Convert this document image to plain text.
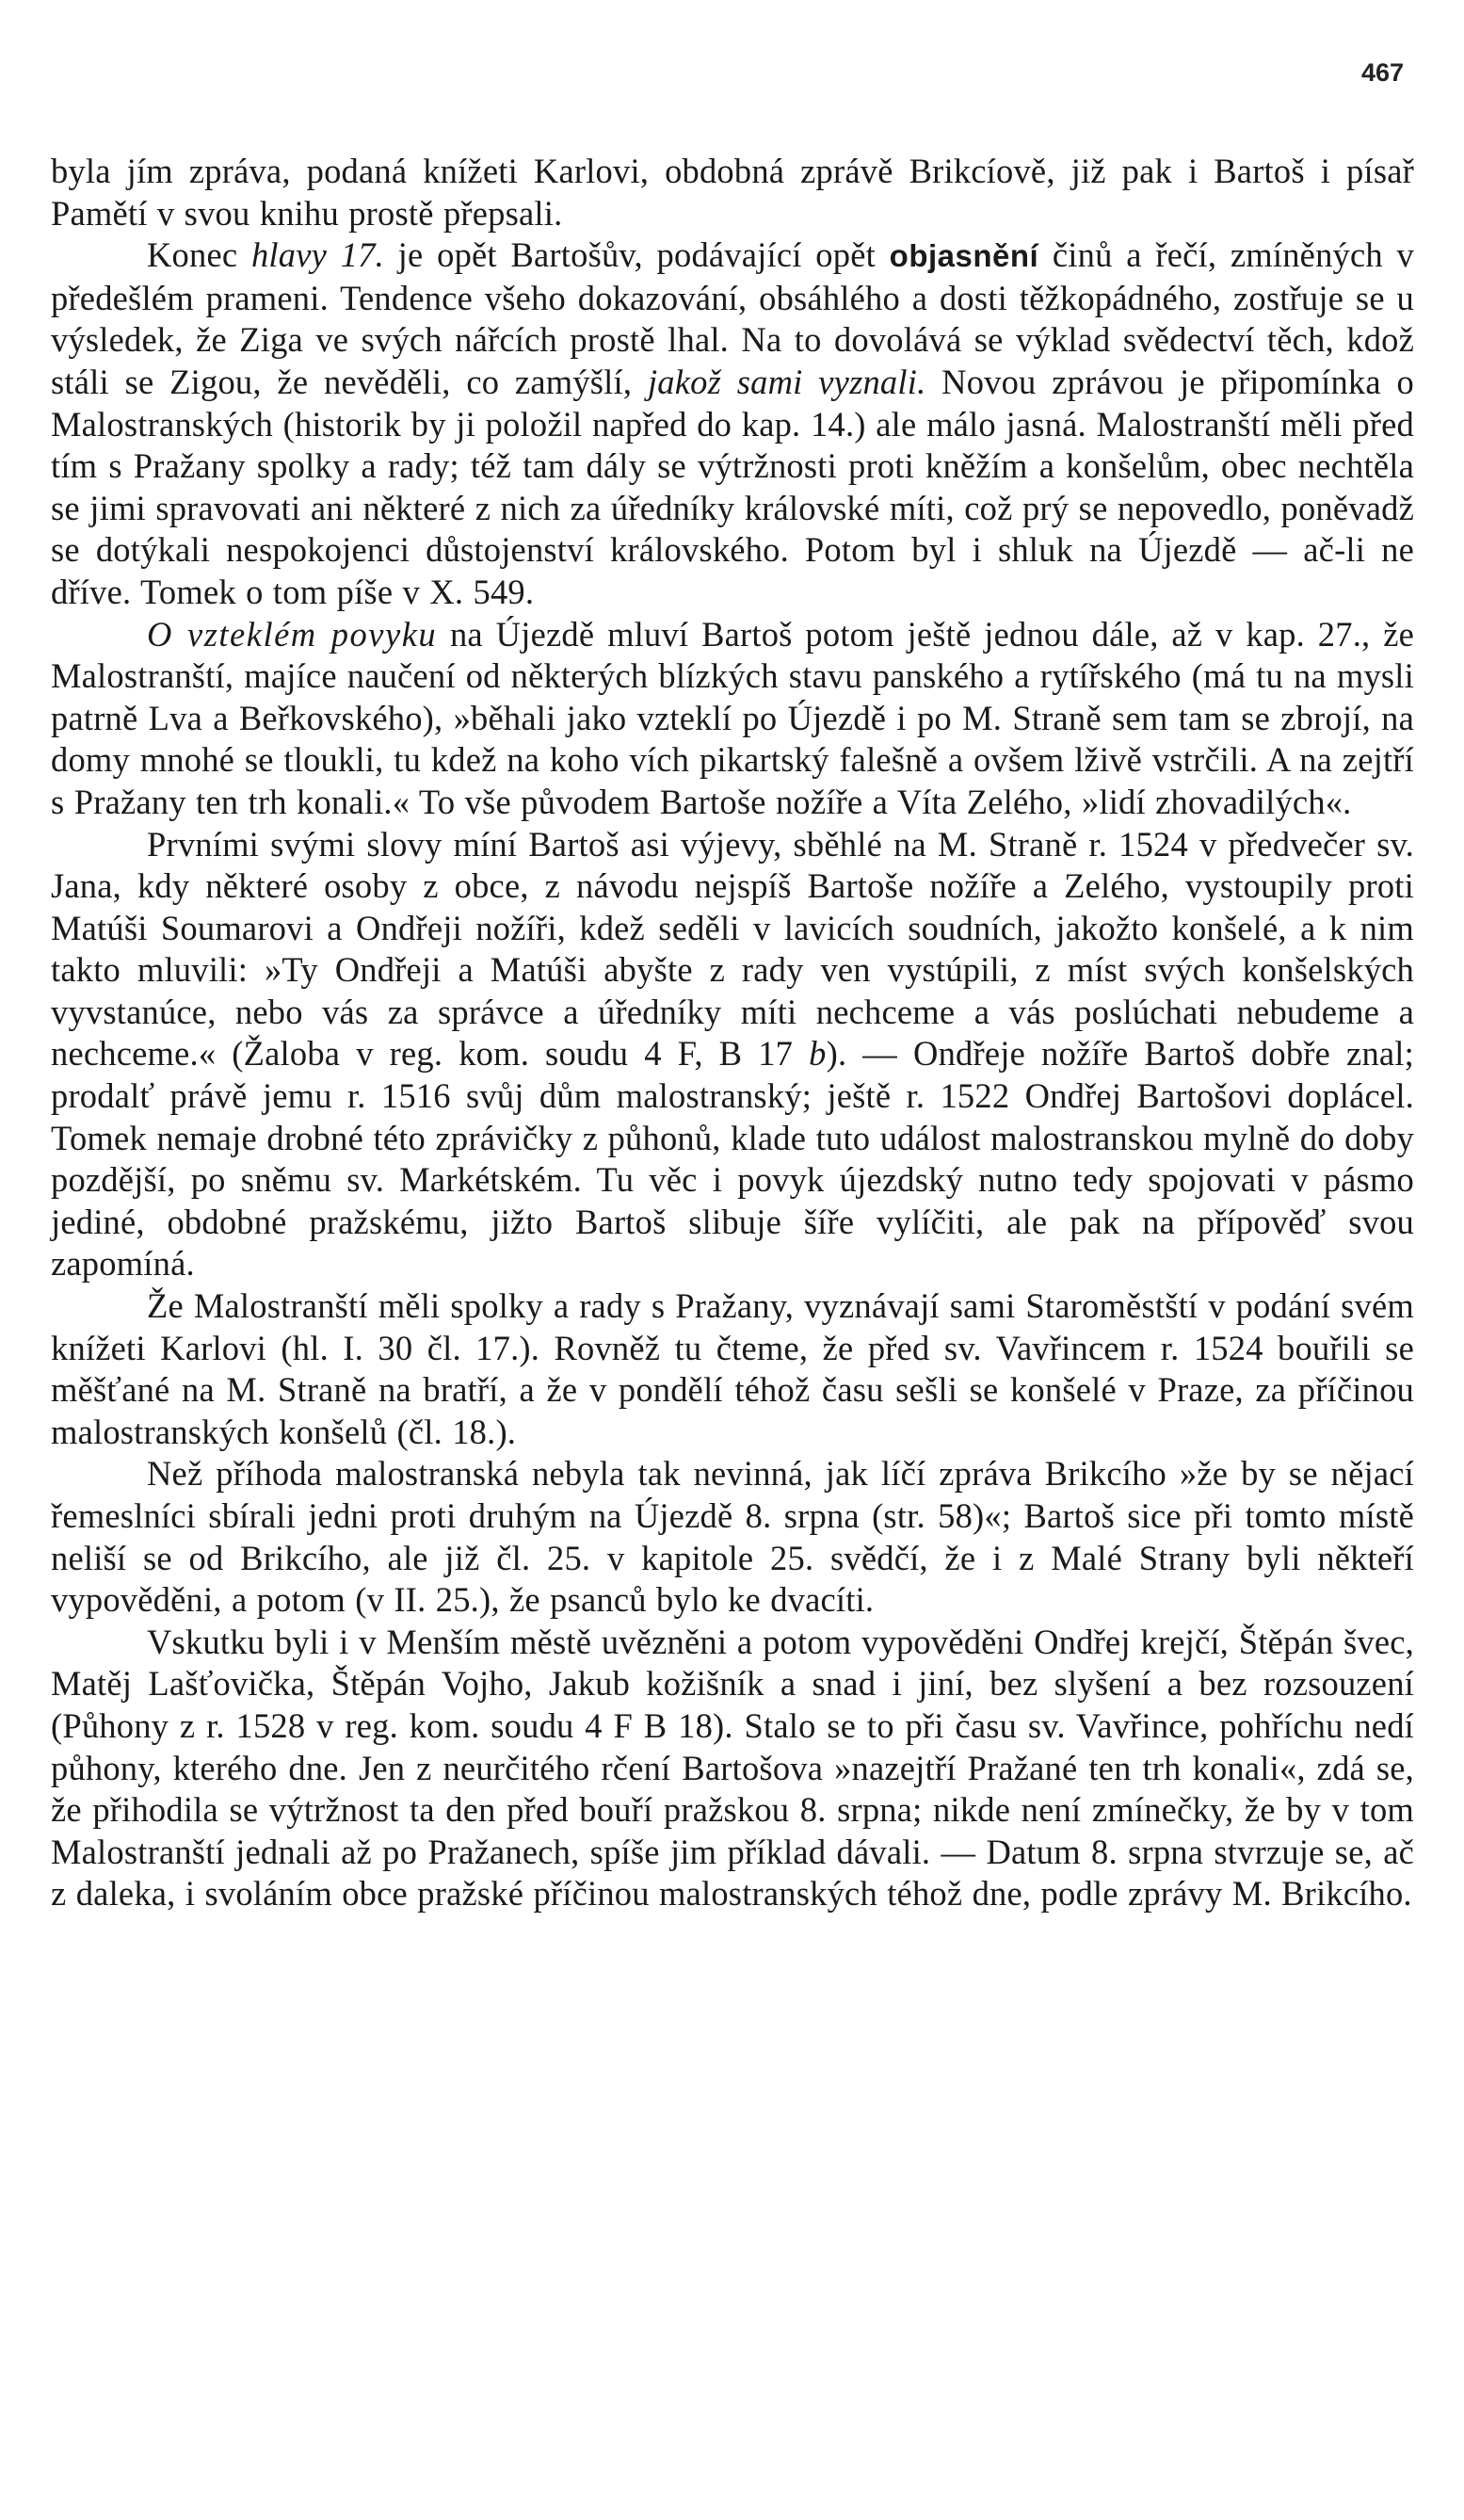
467

byla jím zpráva, podaná knížeti Karlovi, obdobná zprávě Brikcíově, již pak i Bartoš i písař Pamětí v svou knihu prostě přepsali.

Konec hlavy 17. je opět Bartošův, podávající opět objasnění činů a řečí, zmíněných v předešlém prameni. Tendence všeho dokazování, obsáhlého a dosti těžkopádného, zostřuje se u výsledek, že Ziga ve svých nářcích prostě lhal. Na to dovolává se výklad svědectví těch, kdož stáli se Zigou, že nevěděli, co zamýšlí, jakož sami vyznali. Novou zprávou je připomínka o Malostranských (historik by ji položil napřed do kap. 14.) ale málo jasná. Malostranští měli před tím s Pražany spolky a rady; též tam dály se výtržnosti proti kněžím a konšelům, obec nechtěla se jimi spravovati ani některé z nich za úředníky královské míti, což prý se nepovedlo, poněvadž se dotýkali nespokojenci důstojenství královského. Potom byl i shluk na Újezdě — ač-li ne dříve. Tomek o tom píše v X. 549.

O vzteklém povyku na Újezdě mluví Bartoš potom ještě jednou dále, až v kap. 27., že Malostranští, majíce naučení od některých blízkých stavu panského a rytířského (má tu na mysli patrně Lva a Beřkovského), »běhali jako vzteklí po Újezdě i po M. Straně sem tam se zbrojí, na domy mnohé se tloukli, tu kdež na koho vích pikartský falešně a ovšem lživě vstrčili. A na zejtří s Pražany ten trh konali.« To vše původem Bartoše nožíře a Víta Zelého, »lidí zhovadilých«.

Prvními svými slovy míní Bartoš asi výjevy, sběhlé na M. Straně r. 1524 v předvečer sv. Jana, kdy některé osoby z obce, z návodu nejspíš Bartoše nožíře a Zelého, vystoupily proti Matúši Soumarovi a Ondřeji nožíři, kdež seděli v lavicích soudních, jakožto konšelé, a k nim takto mluvili: »Ty Ondřeji a Matúši abyšte z rady ven vystúpili, z míst svých konšelských vyvstanúce, nebo vás za správce a úředníky míti nechceme a vás poslúchati nebudeme a nechceme.« (Žaloba v reg. kom. soudu 4 F, B 17 b). — Ondřeje nožíře Bartoš dobře znal; prodalť právě jemu r. 1516 svůj dům malostranský; ještě r. 1522 Ondřej Bartošovi doplácel. Tomek nemaje drobné této zprávičky z půhonů, klade tuto událost malostranskou mylně do doby pozdější, po sněmu sv. Markétském. Tu věc i povyk újezdský nutno tedy spojovati v pásmo jediné, obdobné pražskému, jižto Bartoš slibuje šíře vylíčiti, ale pak na přípověď svou zapomíná.

Že Malostranští měli spolky a rady s Pražany, vyznávají sami Staroměstští v podání svém knížeti Karlovi (hl. I. 30 čl. 17.). Rovněž tu čteme, že před sv. Vavřincem r. 1524 bouřili se měšťané na M. Straně na bratří, a že v pondělí téhož času sešli se konšelé v Praze, za příčinou malostranských konšelů (čl. 18.).

Než příhoda malostranská nebyla tak nevinná, jak líčí zpráva Brikcího »že by se nějací řemeslníci sbírali jedni proti druhým na Újezdě 8. srpna (str. 58)«; Bartoš sice při tomto místě neliší se od Brikcího, ale již čl. 25. v kapitole 25. svědčí, že i z Malé Strany byli někteří vypověděni, a potom (v II. 25.), že psanců bylo ke dvacíti.

Vskutku byli i v Menším městě uvězněni a potom vypověděni Ondřej krejčí, Štěpán švec, Matěj Lašťovička, Štěpán Vojho, Jakub kožišník a snad i jiní, bez slyšení a bez rozsouzení (Půhony z r. 1528 v reg. kom. soudu 4 F B 18). Stalo se to při času sv. Vavřince, pohříchu nedí půhony, kterého dne. Jen z neurčitého rčení Bartošova »nazejtří Pražané ten trh konali«, zdá se, že přihodila se výtržnost ta den před bouří pražskou 8. srpna; nikde není zmínečky, že by v tom Malostranští jednali až po Pražanech, spíše jim příklad dávali. — Datum 8. srpna stvrzuje se, ač z daleka, i svoláním obce pražské příčinou malostranských téhož dne, podle zprávy M. Brikcího.
